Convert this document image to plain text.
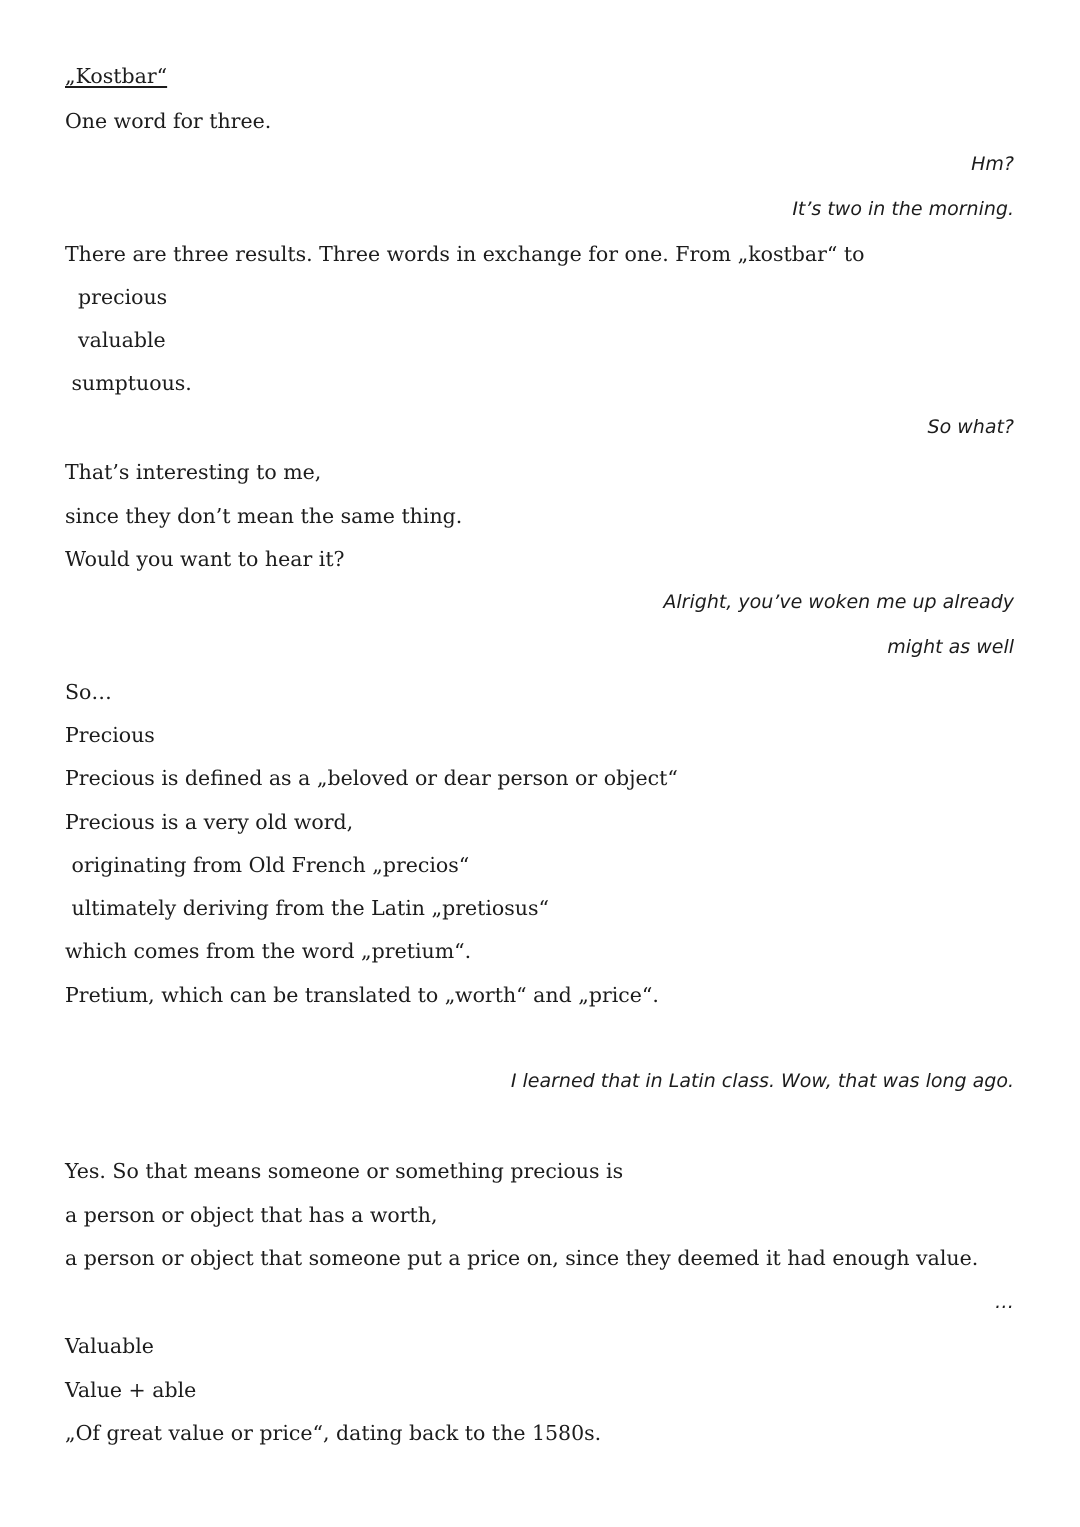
„Kostbar“
One word for three.
Hm?
It’s two in the morning.
There are three results. Three words in exchange for one. From „kostbar“ to
precious
valuable
sumptuous.
So what?
That’s interesting to me,
since they don’t mean the same thing.
Would you want to hear it?
Alright, you’ve woken me up already
might as well
So…
Precious
Precious is defined as a „beloved or dear person or object“
Precious is a very old word,
originating from Old French „precios“
ultimately deriving from the Latin „pretiosus“
which comes from the word „pretium“.
Pretium, which can be translated to „worth“ and „price“.
I learned that in Latin class. Wow, that was long ago.
Yes. So that means someone or something precious is
a person or object that has a worth,
a person or object that someone put a price on, since they deemed it had enough value.
…
Valuable
Value + able
„Of great value or price“, dating back to the 1580s.
